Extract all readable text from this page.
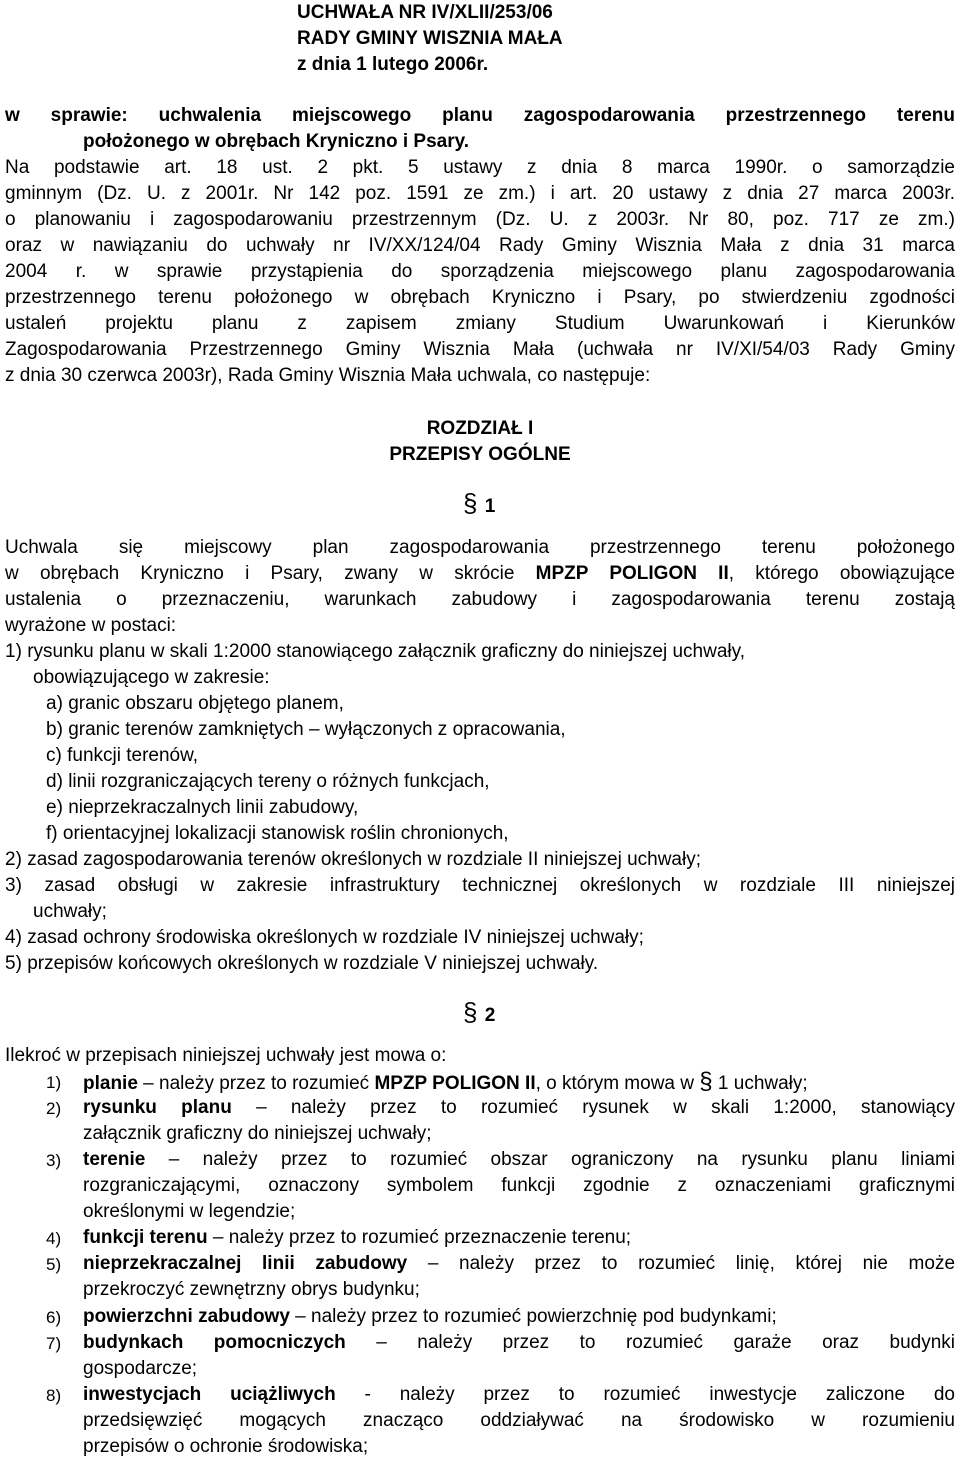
UCHWAŁA NR IV/XLII/253/06
RADY GMINY WISZNIA MAŁA
z dnia 1 lutego 2006r.
w sprawie: uchwalenia miejscowego planu zagospodarowania przestrzennego terenu
położonego w obrębach Kryniczno i Psary.
Na podstawie art. 18 ust. 2 pkt. 5 ustawy z dnia 8 marca 1990r. o samorządzie
gminnym (Dz. U. z 2001r. Nr 142 poz. 1591 ze zm.) i art. 20 ustawy z dnia 27 marca 2003r.
o planowaniu i zagospodarowaniu przestrzennym (Dz. U. z 2003r. Nr 80, poz. 717 ze zm.)
oraz w nawiązaniu do uchwały nr IV/XX/124/04 Rady Gminy Wisznia Mała z dnia 31 marca
2004 r. w sprawie przystąpienia do sporządzenia miejscowego planu zagospodarowania
przestrzennego terenu położonego w obrębach Kryniczno i Psary, po stwierdzeniu zgodności
ustaleń projektu planu z zapisem zmiany Studium Uwarunkowań i Kierunków
Zagospodarowania Przestrzennego Gminy Wisznia Mała (uchwała nr IV/XI/54/03 Rady Gminy
z dnia 30 czerwca 2003r), Rada Gminy Wisznia Mała uchwala, co następuje:
ROZDZIAŁ I
PRZEPISY OGÓLNE
§ 1
Uchwala się miejscowy plan zagospodarowania przestrzennego terenu położonego
w obrębach Kryniczno i Psary, zwany w skrócie MPZP POLIGON II, którego obowiązujące
ustalenia o przeznaczeniu, warunkach zabudowy i zagospodarowania terenu zostają
wyrażone w postaci:
1) rysunku planu w skali 1:2000 stanowiącego załącznik graficzny do niniejszej uchwały,
obowiązującego w zakresie:
a) granic obszaru objętego planem,
b) granic terenów zamkniętych – wyłączonych z opracowania,
c) funkcji terenów,
d) linii rozgraniczających tereny o różnych funkcjach,
e) nieprzekraczalnych linii zabudowy,
f) orientacyjnej lokalizacji stanowisk roślin chronionych,
2) zasad zagospodarowania terenów określonych w rozdziale II niniejszej uchwały;
3) zasad obsługi w zakresie infrastruktury technicznej określonych w rozdziale III niniejszej
uchwały;
4) zasad ochrony środowiska określonych w rozdziale IV niniejszej uchwały;
5) przepisów końcowych określonych w rozdziale V niniejszej uchwały.
§ 2
Ilekroć w przepisach niniejszej uchwały jest mowa o:
1) planie – należy przez to rozumieć MPZP POLIGON II, o którym mowa w § 1 uchwały;
2) rysunku planu – należy przez to rozumieć rysunek w skali 1:2000, stanowiący
załącznik graficzny do niniejszej uchwały;
3) terenie – należy przez to rozumieć obszar ograniczony na rysunku planu liniami
rozgraniczającymi, oznaczony symbolem funkcji zgodnie z oznaczeniami graficznymi
określonymi w legendzie;
4) funkcji terenu – należy przez to rozumieć przeznaczenie terenu;
5) nieprzekraczalnej linii zabudowy – należy przez to rozumieć linię, której nie może
przekroczyć zewnętrzny obrys budynku;
6) powierzchni zabudowy – należy przez to rozumieć powierzchnię pod budynkami;
7) budynkach pomocniczych – należy przez to rozumieć garaże oraz budynki
gospodarcze;
8) inwestycjach uciążliwych - należy przez to rozumieć inwestycje zaliczone do
przedsięwzięć mogących znacząco oddziaływać na środowisko w rozumieniu
przepisów o ochronie środowiska;
